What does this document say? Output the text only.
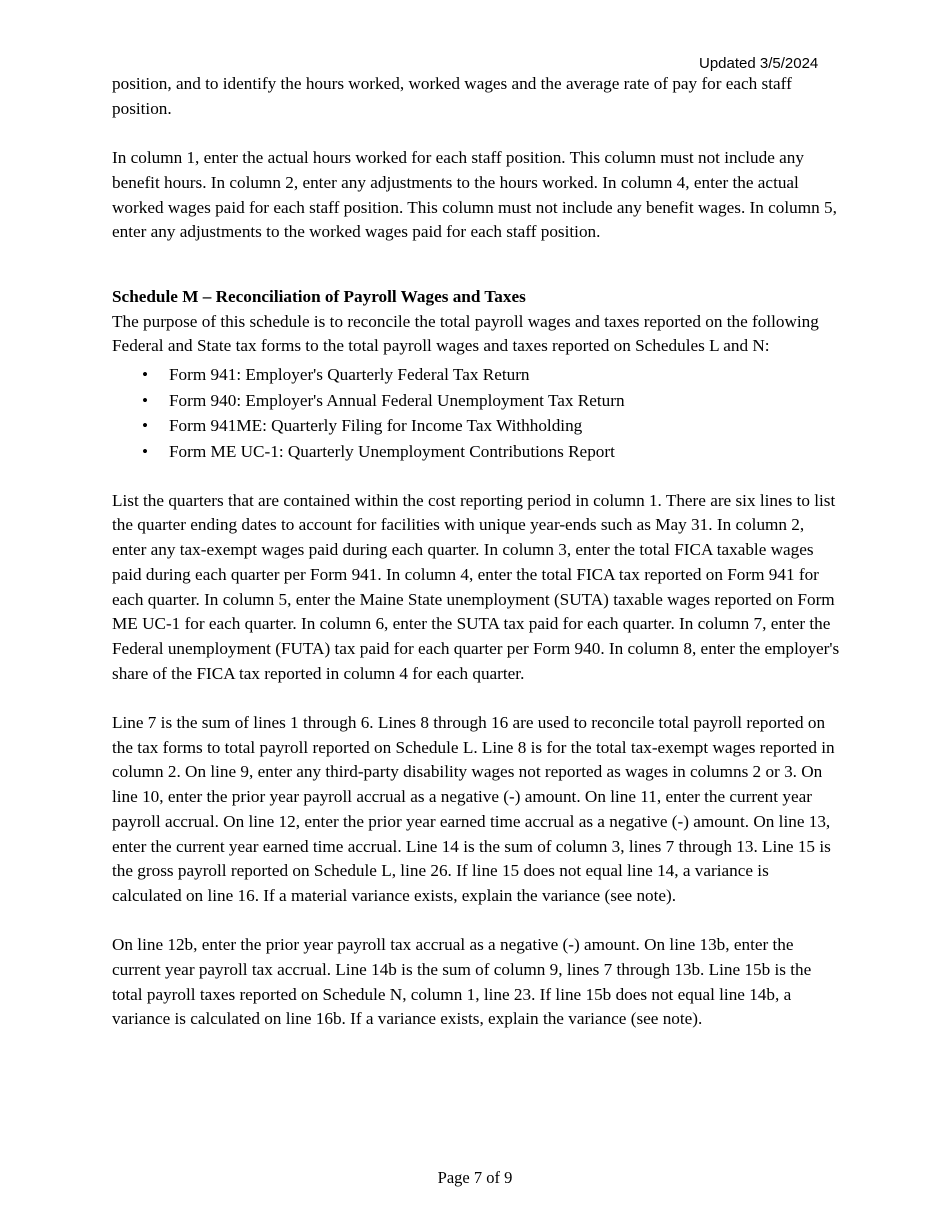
Updated 3/5/2024

position, and to identify the hours worked, worked wages and the average rate of pay for each staff position.

In column 1, enter the actual hours worked for each staff position. This column must not include any benefit hours. In column 2, enter any adjustments to the hours worked. In column 4, enter the actual worked wages paid for each staff position. This column must not include any benefit wages. In column 5, enter any adjustments to the worked wages paid for each staff position.

Schedule M – Reconciliation of Payroll Wages and Taxes

The purpose of this schedule is to reconcile the total payroll wages and taxes reported on the following Federal and State tax forms to the total payroll wages and taxes reported on Schedules L and N:

• Form 941: Employer's Quarterly Federal Tax Return
• Form 940: Employer's Annual Federal Unemployment Tax Return
• Form 941ME: Quarterly Filing for Income Tax Withholding
• Form ME UC-1: Quarterly Unemployment Contributions Report

List the quarters that are contained within the cost reporting period in column 1. There are six lines to list the quarter ending dates to account for facilities with unique year-ends such as May 31. In column 2, enter any tax-exempt wages paid during each quarter. In column 3, enter the total FICA taxable wages paid during each quarter per Form 941. In column 4, enter the total FICA tax reported on Form 941 for each quarter. In column 5, enter the Maine State unemployment (SUTA) taxable wages reported on Form ME UC-1 for each quarter. In column 6, enter the SUTA tax paid for each quarter. In column 7, enter the Federal unemployment (FUTA) tax paid for each quarter per Form 940. In column 8, enter the employer's share of the FICA tax reported in column 4 for each quarter.

Line 7 is the sum of lines 1 through 6. Lines 8 through 16 are used to reconcile total payroll reported on the tax forms to total payroll reported on Schedule L. Line 8 is for the total tax-exempt wages reported in column 2. On line 9, enter any third-party disability wages not reported as wages in columns 2 or 3. On line 10, enter the prior year payroll accrual as a negative (-) amount. On line 11, enter the current year payroll accrual. On line 12, enter the prior year earned time accrual as a negative (-) amount. On line 13, enter the current year earned time accrual. Line 14 is the sum of column 3, lines 7 through 13. Line 15 is the gross payroll reported on Schedule L, line 26. If line 15 does not equal line 14, a variance is calculated on line 16. If a material variance exists, explain the variance (see note).

On line 12b, enter the prior year payroll tax accrual as a negative (-) amount. On line 13b, enter the current year payroll tax accrual. Line 14b is the sum of column 9, lines 7 through 13b. Line 15b is the total payroll taxes reported on Schedule N, column 1, line 23. If line 15b does not equal line 14b, a variance is calculated on line 16b. If a variance exists, explain the variance (see note).

Page 7 of 9
